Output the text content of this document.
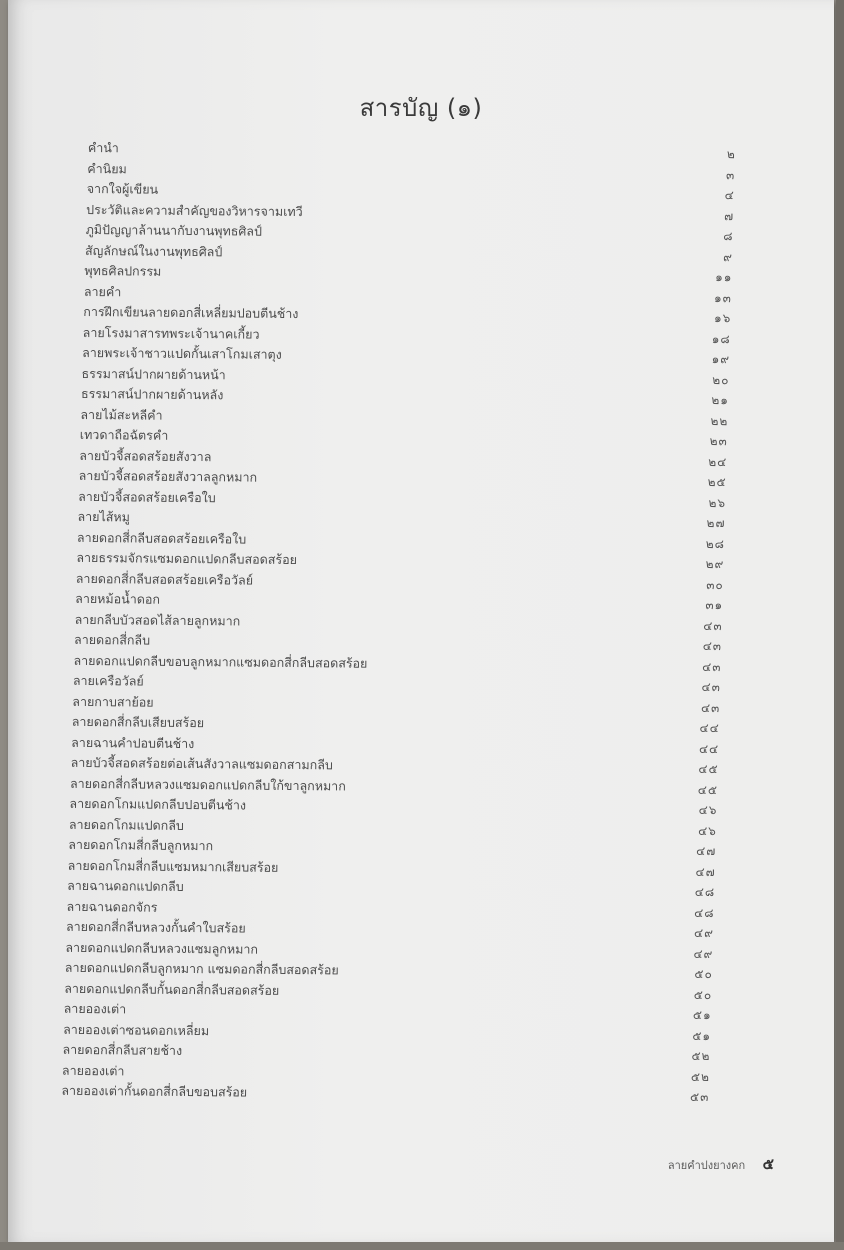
สารบัญ (๑)
คำนำ	๒
คำนิยม	๓
จากใจผู้เขียน	๔
ประวัติและความสำคัญของวิหารจามเทวี	๗
ภูมิปัญญาล้านนากับงานพุทธศิลป์	๘
สัญลักษณ์ในงานพุทธศิลป์	๙
พุทธศิลปกรรม	๑๑
ลายคำ	๑๓
การฝึกเขียนลายดอกสี่เหลี่ยมปอบตีนช้าง	๑๖
ลายโรงมาสารทพระเจ้านาคเกี้ยว	๑๘
ลายพระเจ้าชาวแปดกั้นเสาโกมเสาตุง	๑๙
ธรรมาสน์ปากผายด้านหน้า	๒๐
ธรรมาสน์ปากผายด้านหลัง	๒๑
ลายไม้สะหลีคำ	๒๒
เทวดาถือฉัตรคำ	๒๓
ลายบัวจี้สอดสร้อยสังวาล	๒๔
ลายบัวจี้สอดสร้อยสังวาลลูกหมาก	๒๕
ลายบัวจี้สอดสร้อยเครือใบ	๒๖
ลายไส้หมู	๒๗
ลายดอกสี่กลีบสอดสร้อยเครือใบ	๒๘
ลายธรรมจักรแซมดอกแปดกลีบสอดสร้อย	๒๙
ลายดอกสี่กลีบสอดสร้อยเครือวัลย์	๓๐
ลายหม้อน้ำดอก	๓๑
ลายกลีบบัวสอดไส้ลายลูกหมาก	๔๓
ลายดอกสี่กลีบ	๔๓
ลายดอกแปดกลีบขอบลูกหมากแซมดอกสี่กลีบสอดสร้อย	๔๓
ลายเครือวัลย์	๔๓
ลายกาบสาย้อย	๔๓
ลายดอกสี่กลีบเสียบสร้อย	๔๔
ลายฉานคำปอบตีนช้าง	๔๔
ลายบัวจี้สอดสร้อยต่อเส้นสังวาลแซมดอกสามกลีบ	๔๕
ลายดอกสี่กลีบหลวงแซมดอกแปดกลีบใก้ขาลูกหมาก	๔๕
ลายดอกโกมแปดกลีบปอบตีนช้าง	๔๖
ลายดอกโกมแปดกลีบ	๔๖
ลายดอกโกมสี่กลีบลูกหมาก	๔๗
ลายดอกโกมสี่กลีบแซมหมากเสียบสร้อย	๔๗
ลายฉานดอกแปดกลีบ	๔๘
ลายฉานดอกจักร	๔๘
ลายดอกสี่กลีบหลวงกั้นคำใบสร้อย	๔๙
ลายดอกแปดกลีบหลวงแซมลูกหมาก	๔๙
ลายดอกแปดกลีบลูกหมาก แซมดอกสี่กลีบสอดสร้อย	๕๐
ลายดอกแปดกลีบกั้นดอกสี่กลีบสอดสร้อย	๕๐
ลายอองเต่า	๕๑
ลายอองเต่าซอนดอกเหลี่ยม	๕๑
ลายดอกสี่กลีบสายช้าง	๕๒
ลายอองเต่า	๕๒
ลายอองเต่ากั้นดอกสี่กลีบขอบสร้อย	๕๓
ลายคำปงยางคก ๕
